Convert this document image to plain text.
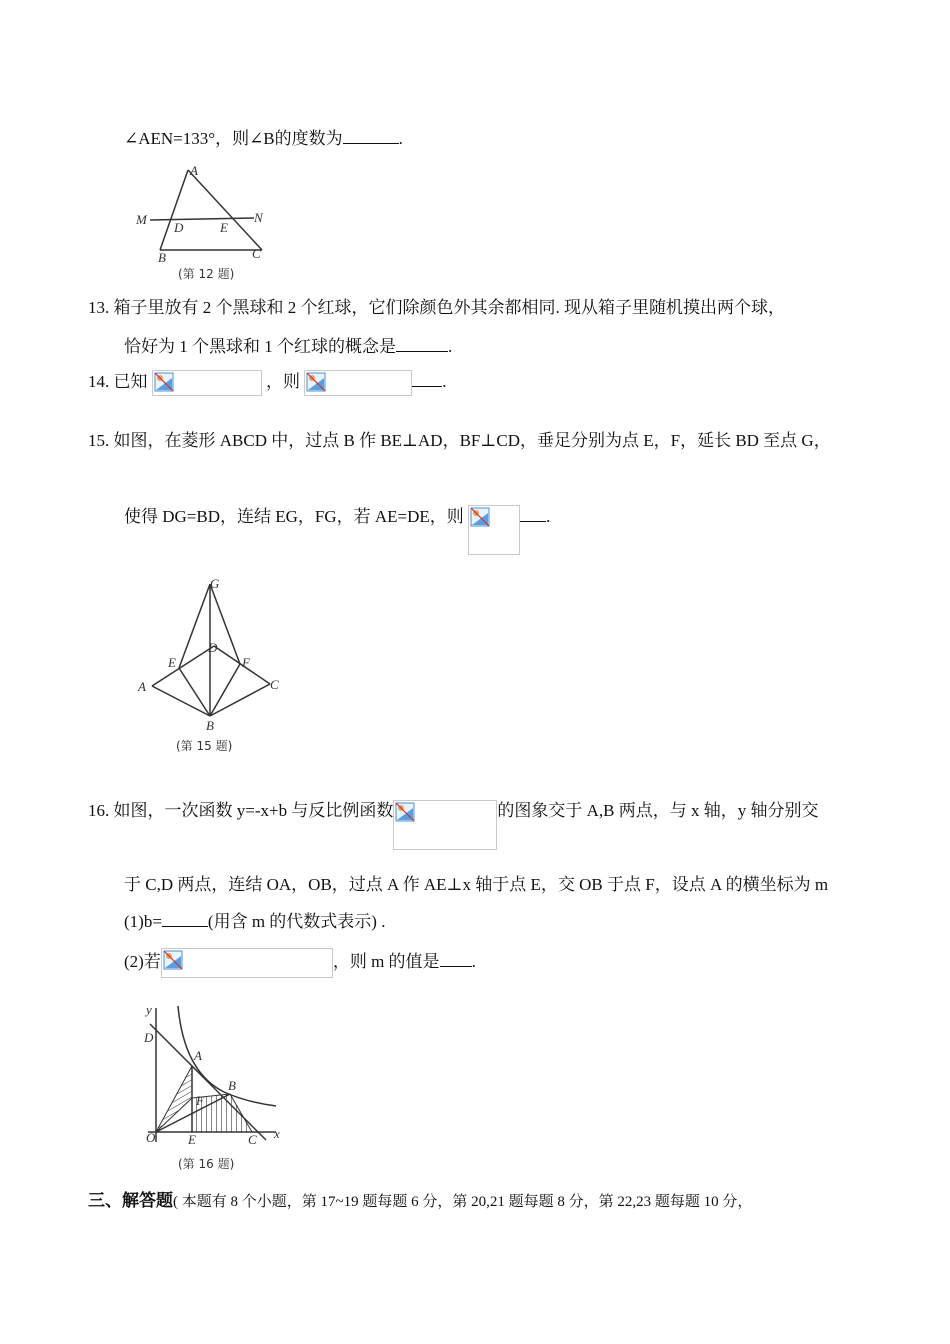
∠AEN=133°，则∠B的度数为	.
A
M	N
D	E
B	C
(第 12 题)
13. 箱子里放有 2 个黑球和 2 个红球，它们除颜色外其余都相同. 现从箱子里随机摸出两个球，
恰好为 1 个黑球和 1 个红球的概念是	.
14. 已知	，则	.
15. 如图，在菱形 ABCD 中，过点 B 作 BE⊥AD，BF⊥CD，垂足分别为点 E，F，延长 BD 至点 G，
使得 DG=BD，连结 EG，FG，若 AE=DE，则	.
G
D
E	F
A	C
B
(第 15 题)
16. 如图，一次函数 y=-x+b 与反比例函数	的图象交于 A,B 两点，与 x 轴，y 轴分别交
于 C,D 两点，连结 OA，OB，过点 A 作 AE⊥x 轴于点 E，交 OB 于点 F，设点 A 的横坐标为 m
(1)b=	(用含 m 的代数式表示) .
(2)若	，则 m 的值是 .
y
D
A
B
F
O	E	C x
(第 16 题)
三、解答题( 本题有 8 个小题，第 17~19 题每题 6 分，第 20,21 题每题 8 分，第 22,23 题每题 10 分，
